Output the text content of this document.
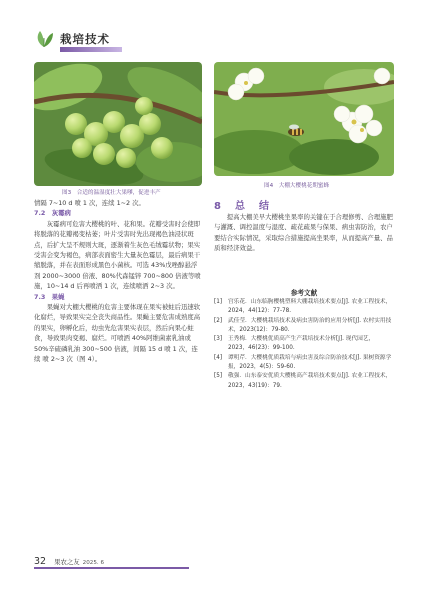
栽培技术
图3　合适的温湿度壮大果嗲，促进丰产
图4　大棚大樱桃花期蜜蜂

情隔 7~10 d 喷 1 次，连续 1~2 次。

7.2　灰霉病

灰霉病可危害大樱桃的叶、花和果。花瓣受害时会使即将脱落的花瓣褐变枯萎；叶片受害时先出现褐色油浸状斑点，后扩大呈不规则大斑，逐渐着生灰色毛绒霉状物；果实受害会变为褐色，病部表面密生大量灰色霉层，最后病果干缩脱落，并在表面形成黑色小菌核。可选 43%戊唑醇悬浮剂 2000~3000 倍液、80%代森锰锌 700~800 倍液等喷施，10~14 d 后再喷洒 1 次，连续喷洒 2~3 次。

7.3　果蝇

果蝇对大棚大樱桃的危害主要体现在果实被蛀后迅速软化腐烂，导致果实完全丧失商品性。果蝇主要危害成熟度高的果实，卵孵化后，幼虫先危害果实表层，然后向果心蛀食，导致果肉变褐、腐烂。可喷洒 40%阿维菌素乳油或 50%辛硫磷乳油 300~500 倍液，间隔 15 d 喷 1 次，连续 喷 2~3 次（图 4）。

8　总　结

提高大棚美早大樱桃坐果率的关键在于合理修剪、合理施肥与灌溉、调控温度与湿度、疏花疏果与保果、病虫害防治，农户要结合实际情况，采取综合措施提高坐果率，从而提高产量、品质和经济效益。

参考文献
[1]	宫乐花．山东临朐樱桃塑料大棚栽培技术要点[J]. 农业工程技术，2024，44(12)：77-78.
[2]	武佳莹．大樱桃栽培技术及病虫害防治的应用分析[J]. 农村实用技术，2023(12)：79-80.
[3]	王秀梅．大樱桃优质高产生产栽培技术分析[J]. 现代园艺，2023，46(23)：99-100.
[4]	谭明芹．大樱桃优质栽培与病虫害及综合防治技术[J]. 果树资源学报，2023，4(5)：59-60.
[5]	敬强．山东泰安优质大樱桃高产栽培技术要点[J]. 农业工程技术，2023，43(19)：79.
32 果农之友 2025. 6
